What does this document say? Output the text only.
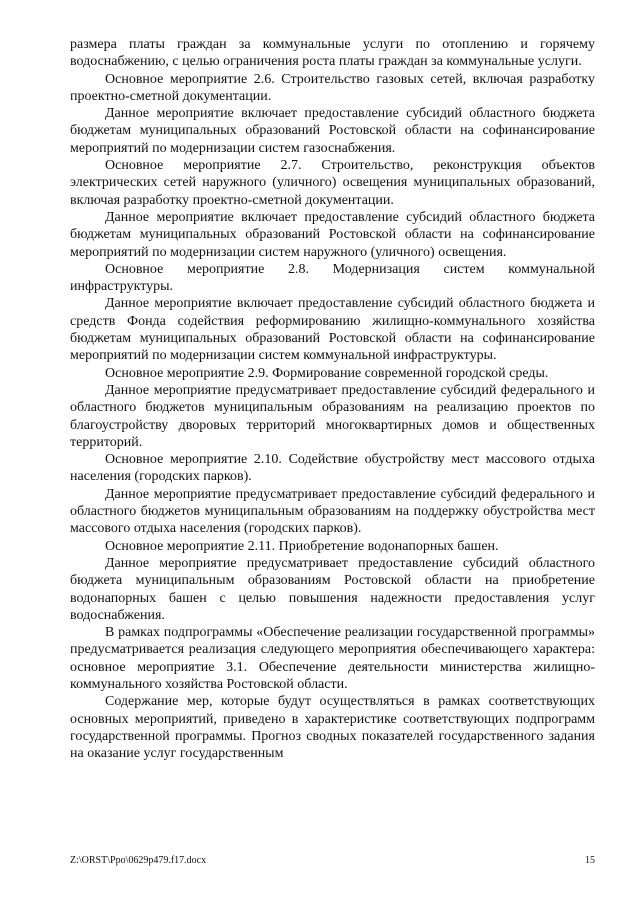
размера платы граждан за коммунальные услуги по отоплению и горячему водоснабжению, с целью ограничения роста платы граждан за коммунальные услуги.

Основное мероприятие 2.6. Строительство газовых сетей, включая разработку проектно-сметной документации.

Данное мероприятие включает предоставление субсидий областного бюджета бюджетам муниципальных образований Ростовской области на софинансирование мероприятий по модернизации систем газоснабжения.

Основное мероприятие 2.7. Строительство, реконструкция объектов электрических сетей наружного (уличного) освещения муниципальных образований, включая разработку проектно-сметной документации.

Данное мероприятие включает предоставление субсидий областного бюджета бюджетам муниципальных образований Ростовской области на софинансирование мероприятий по модернизации систем наружного (уличного) освещения.

Основное мероприятие 2.8. Модернизация систем коммунальной инфраструктуры.

Данное мероприятие включает предоставление субсидий областного бюджета и средств Фонда содействия реформированию жилищно-коммунального хозяйства бюджетам муниципальных образований Ростовской области на софинансирование мероприятий по модернизации систем коммунальной инфраструктуры.

Основное мероприятие 2.9. Формирование современной городской среды.

Данное мероприятие предусматривает предоставление субсидий федерального и областного бюджетов муниципальным образованиям на реализацию проектов по благоустройству дворовых территорий многоквартирных домов и общественных территорий.

Основное мероприятие 2.10. Содействие обустройству мест массового отдыха населения (городских парков).

Данное мероприятие предусматривает предоставление субсидий федерального и областного бюджетов муниципальным образованиям на поддержку обустройства мест массового отдыха населения (городских парков).

Основное мероприятие 2.11. Приобретение водонапорных башен.

Данное мероприятие предусматривает предоставление субсидий областного бюджета муниципальным образованиям Ростовской области на приобретение водонапорных башен с целью повышения надежности предоставления услуг водоснабжения.

В рамках подпрограммы «Обеспечение реализации государственной программы» предусматривается реализация следующего мероприятия обеспечивающего характера: основное мероприятие 3.1. Обеспечение деятельности министерства жилищно-коммунального хозяйства Ростовской области.

Содержание мер, которые будут осуществляться в рамках соответствующих основных мероприятий, приведено в характеристике соответствующих подпрограмм государственной программы. Прогноз сводных показателей государственного задания на оказание услуг государственным

Z:\ORST\Ppo\0629p479.f17.docx	15
